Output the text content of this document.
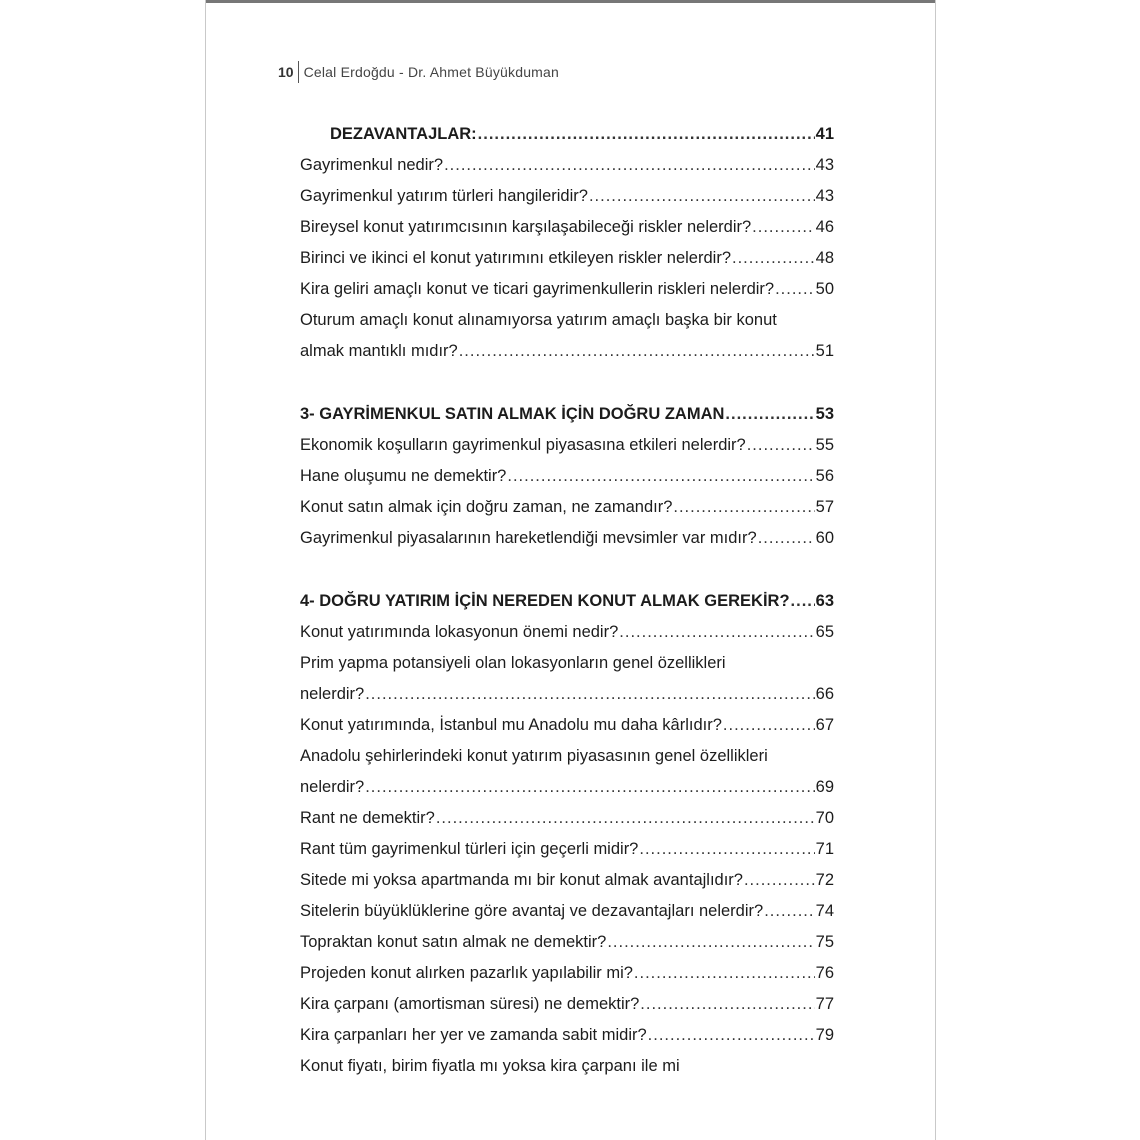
10 Celal Erdoğdu - Dr. Ahmet Büyükduman
DEZAVANTAJLAR: .....	41
Gayrimenkul nedir? .....	43
Gayrimenkul yatırım türleri hangileridir? .....	43
Bireysel konut yatırımcısının karşılaşabileceği riskler nelerdir? .....	46
Birinci ve ikinci el konut yatırımını etkileyen riskler nelerdir? .....	48
Kira geliri amaçlı konut ve ticari gayrimenkullerin riskleri nelerdir? .....	50
Oturum amaçlı konut alınamıyorsa yatırım amaçlı başka bir konut
almak mantıklı mıdır? .....	51
3- GAYRİMENKUL SATIN ALMAK İÇİN DOĞRU ZAMAN .....	53
Ekonomik koşulların gayrimenkul piyasasına etkileri nelerdir? .....	55
Hane oluşumu ne demektir? .....	56
Konut satın almak için doğru zaman, ne zamandır? .....	57
Gayrimenkul piyasalarının hareketlendiği mevsimler var mıdır? .....	60
4- DOĞRU YATIRIM İÇİN NEREDEN KONUT ALMAK GEREKİR? ..... 63
Konut yatırımında lokasyonun önemi nedir? .....	65
Prim yapma potansiyeli olan lokasyonların genel özellikleri
nelerdir? .....	66
Konut yatırımında, İstanbul mu Anadolu mu daha kârlıdır? .....	67
Anadolu şehirlerindeki konut yatırım piyasasının genel özellikleri
nelerdir? .....	69
Rant ne demektir? .....	70
Rant tüm gayrimenkul türleri için geçerli midir? .....	71
Sitede mi yoksa apartmanda mı bir konut almak avantajlıdır? .....	72
Sitelerin büyüklüklerine göre avantaj ve dezavantajları nelerdir? .....	74
Topraktan konut satın almak ne demektir? .....	75
Projeden konut alırken pazarlık yapılabilir mi? .....	76
Kira çarpanı (amortisman süresi) ne demektir? .....	77
Kira çarpanları her yer ve zamanda sabit midir? .....	79
Konut fiyatı, birim fiyatla mı yoksa kira çarpanı ile mi
